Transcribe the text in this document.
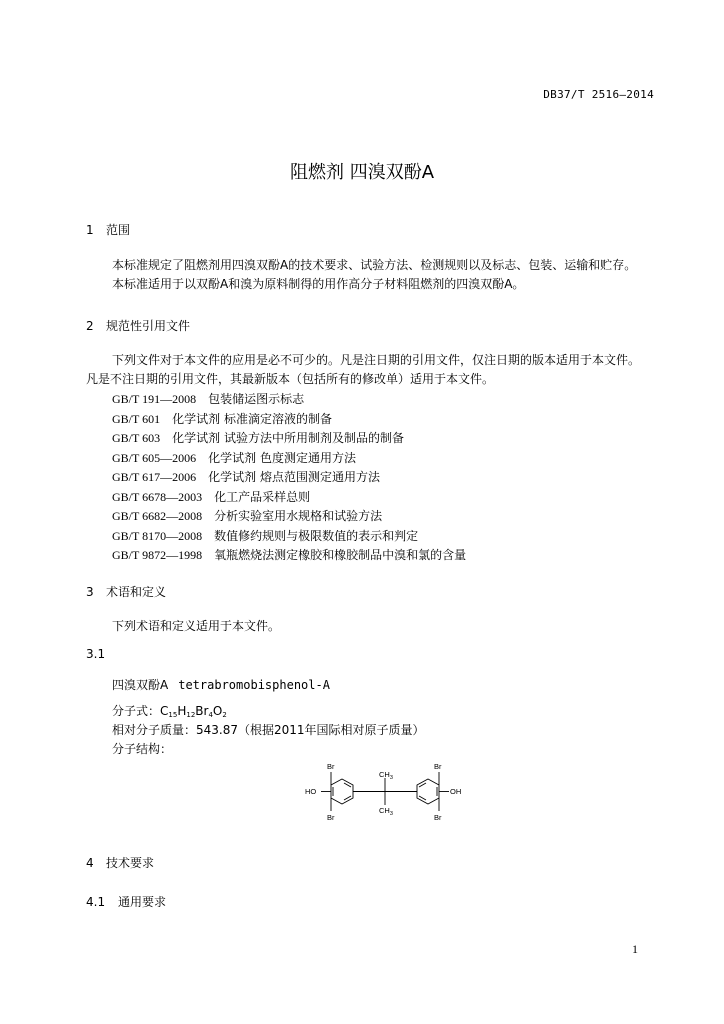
DB37/T 2516—2014
阻燃剂 四溴双酚A
1 范围
本标准规定了阻燃剂用四溴双酚A的技术要求、试验方法、检测规则以及标志、包装、运输和贮存。
本标准适用于以双酚A和溴为原料制得的用作高分子材料阻燃剂的四溴双酚A。
2 规范性引用文件
下列文件对于本文件的应用是必不可少的。凡是注日期的引用文件，仅注日期的版本适用于本文件。
凡是不注日期的引用文件，其最新版本（包括所有的修改单）适用于本文件。
GB/T 191—2008 包装储运图示标志
GB/T 601 化学试剂 标准滴定溶液的制备
GB/T 603 化学试剂 试验方法中所用制剂及制品的制备
GB/T 605—2006 化学试剂 色度测定通用方法
GB/T 617—2006 化学试剂 熔点范围测定通用方法
GB/T 6678—2003 化工产品采样总则
GB/T 6682—2008 分析实验室用水规格和试验方法
GB/T 8170—2008 数值修约规则与极限数值的表示和判定
GB/T 9872—1998 氧瓶燃烧法测定橡胶和橡胶制品中溴和氯的含量
3 术语和定义
下列术语和定义适用于本文件。
3.1
四溴双酚A tetrabromobisphenol-A
分子式：$C_{15}H_{12}Br_4O_2$
相对分子质量：543.87（根据2011年国际相对原子质量）
分子结构：
Br
Br
Br
Br
HO	OH
$CH_3$
$CH_3$
4 技术要求
4.1 通用要求
1
